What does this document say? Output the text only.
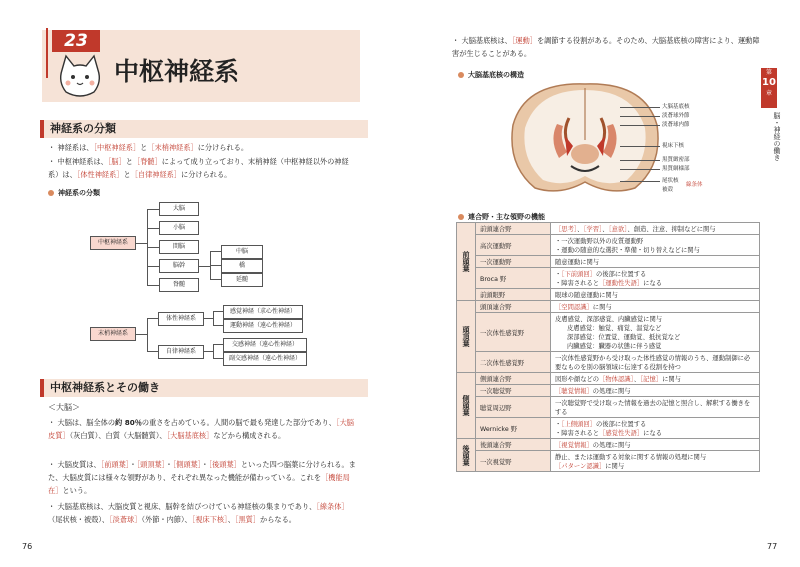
23
中枢神経系
神経系の分類
・ 神経系は、［中枢神経系］と［末梢神経系］に分けられる。
・ 中枢神経系は、［脳］と［脊髄］によって成り立っており、末梢神経（中枢神経以外の神経系）は、［体性神経系］と［自律神経系］に分けられる。
神経系の分類
中枢神経系
大脳
小脳
間脳
脳幹
脊髄
中脳
橋
延髄
末梢神経系
体性神経系
自律神経系
感覚神経（求心性神経）
運動神経（遠心性神経）
交感神経（遠心性神経）
副交感神経（遠心性神経）
中枢神経系とその働き
＜大脳＞
・ 大脳は、脳全体の約 80％の重さを占めている。人間の脳で最も発達した部分であり、［大脳皮質］（灰白質）、白質（大脳髄質）、［大脳基底核］などから構成される。
・ 大脳皮質は、［前頭葉］・［頭頂葉］・［側頭葉］・［後頭葉］といった四つ脳葉に分けられる。また、大脳皮質には様々な領野があり、それぞれ異なった機能が備わっている。これを［機能局在］という。
・ 大脳基底核は、大脳皮質と視床、脳幹を結びつけている神経核の集まりであり、［線条体］（尾状核・被殻）、［淡蒼球］（外節・内節）、［視床下核］、［黒質］からなる。
76
・ 大脳基底核は、［運動］を調節する役割がある。そのため、大脳基底核の障害により、運動障害が生じることがある。
大脳基底核の構造
大脳基底核
淡蒼球外節
淡蒼球内節
視床下核
黒質緻密部
黒質網様部
尾状核
被殻
線条体
連合野・主な領野の機能
前頭葉	前頭連合野	［思考］、［学習］、［意欲］、創造、注意、抑制などに関与
	高次運動野	・一次運動野以外の皮質運動野
・運動の随意的な選択・準備・切り替えなどに関与

	一次運動野	随意運動に関与
	Broca 野	・［下前頭回］の後部に位置する
・障害されると［運動性失語］になる

	前頭眼野	眼球の随意運動に関与
頭頂葉	頭頂連合野	［空間認識］に関与
	一次体性感覚野	皮膚感覚、深部感覚、内臓感覚に関与
皮膚感覚：触覚、痛覚、温覚など
深部感覚：位置覚、運動覚、抵抗覚など
内臓感覚：臓器の状態に伴う感覚

	二次体性感覚野	一次体性感覚野から受け取った体性感覚の情報のうち、運動制御に必要なものを別の脳領域に伝達する役割を持つ
側頭葉	側頭連合野	図形や顔などの［物体認識］、［記憶］に関与
	一次聴覚野	［聴覚情報］の処理に関与
	聴覚周辺野	一次聴覚野で受け取った情報を過去の記憶と照合し、解釈する働きをする
	Wernicke 野	・［上側頭回］の後部に位置する
・障害されると［感覚性失語］になる

後頭葉	後頭連合野	［視覚情報］の処理に関与
	一次視覚野	静止、または運動する対象に関する情報の処理に関与
［パターン認識］に関与
第
10
章
脳・神経の働き
77
